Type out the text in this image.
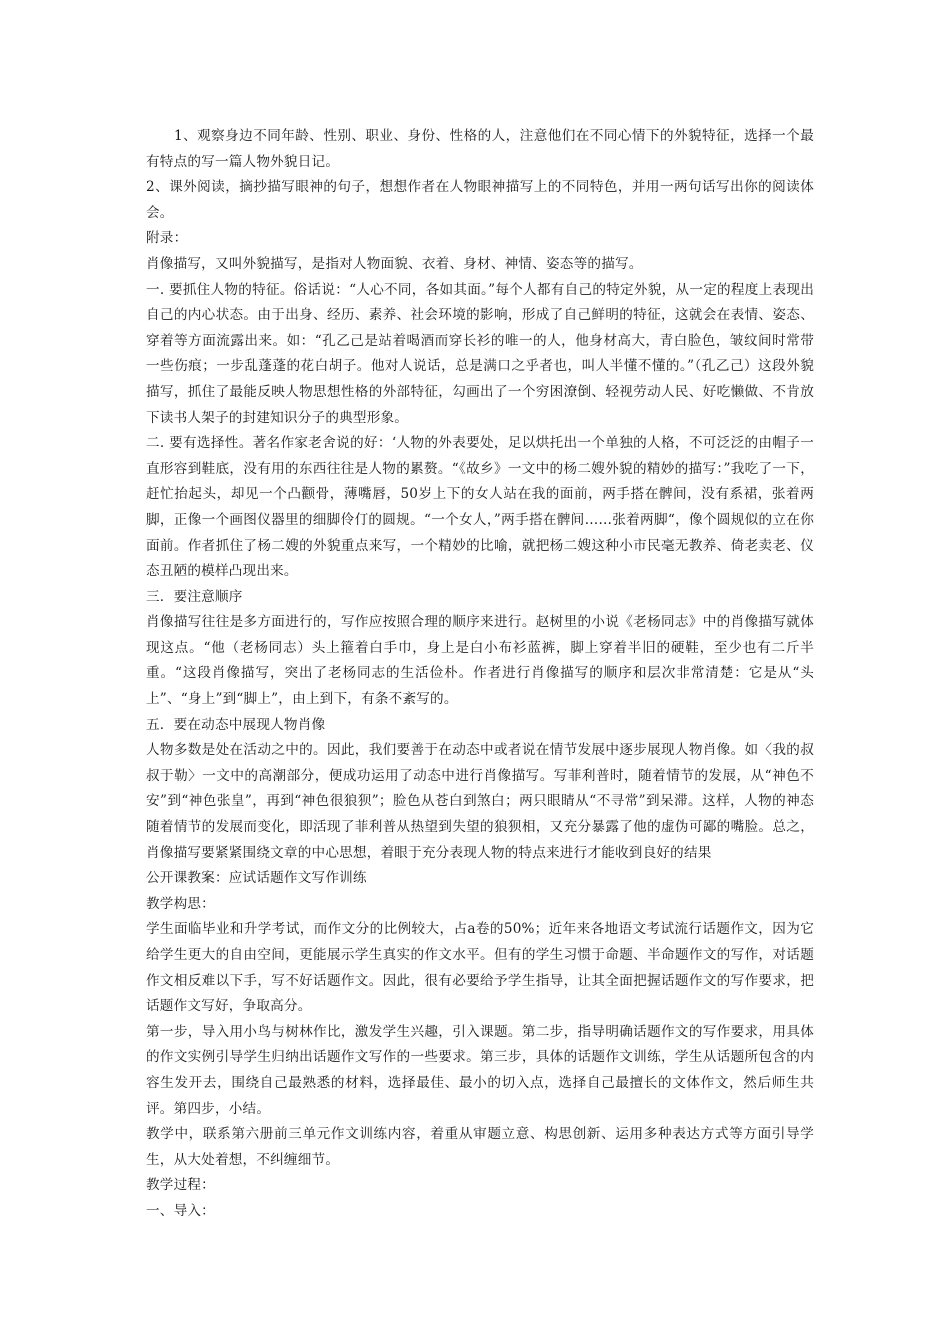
1、观察身边不同年龄、性别、职业、身份、性格的人，注意他们在不同心情下的外貌特征，选择一个最有特点的写一篇人物外貌日记。

2、课外阅读，摘抄描写眼神的句子，想想作者在人物眼神描写上的不同特色，并用一两句话写出你的阅读体会。

附录：

肖像描写，又叫外貌描写，是指对人物面貌、衣着、身材、神情、姿态等的描写。

一. 要抓住人物的特征。俗话说：“人心不同，各如其面。”每个人都有自己的特定外貌，从一定的程度上表现出自己的内心状态。由于出身、经历、素养、社会环境的影响，形成了自己鲜明的特征，这就会在表情、姿态、穿着等方面流露出来。如：“孔乙己是站着喝酒而穿长衫的唯一的人，他身材高大，青白脸色，皱纹间时常带一些伤痕；一步乱蓬蓬的花白胡子。他对人说话，总是满口之乎者也，叫人半懂不懂的。”（孔乙己）这段外貌描写，抓住了最能反映人物思想性格的外部特征，勾画出了一个穷困潦倒、轻视劳动人民、好吃懒做、不肯放下读书人架子的封建知识分子的典型形象。

二. 要有选择性。著名作家老舍说的好：‘人物的外表要处，足以烘托出一个单独的人格，不可泛泛的由帽子一直形容到鞋底，没有用的东西往往是人物的累赘。“《故乡》一文中的杨二嫂外貌的精妙的描写：”我吃了一下，赶忙抬起头，却见一个凸颧骨，薄嘴唇，50岁上下的女人站在我的面前，两手搭在髀间，没有系裙，张着两脚，正像一个画图仪器里的细脚伶仃的圆规。“一个女人，”两手搭在髀间……张着两脚“，像个圆规似的立在你面前。作者抓住了杨二嫂的外貌重点来写，一个精妙的比喻，就把杨二嫂这种小市民毫无教养、倚老卖老、仪态丑陋的模样凸现出来。

三．要注意顺序

肖像描写往往是多方面进行的，写作应按照合理的顺序来进行。赵树里的小说《老杨同志》中的肖像描写就体现这点。“他（老杨同志）头上箍着白手巾，身上是白小布衫蓝裤，脚上穿着半旧的硬鞋，至少也有二斤半重。“这段肖像描写，突出了老杨同志的生活俭朴。作者进行肖像描写的顺序和层次非常清楚：它是从“头上”、“身上”到“脚上”，由上到下，有条不紊写的。

五．要在动态中展现人物肖像

人物多数是处在活动之中的。因此，我们要善于在动态中或者说在情节发展中逐步展现人物肖像。如〈我的叔叔于勒〉一文中的高潮部分，便成功运用了动态中进行肖像描写。写菲利普时，随着情节的发展，从“神色不安”到“神色张皇”，再到“神色很狼狈”；脸色从苍白到煞白；两只眼睛从“不寻常”到呆滞。这样，人物的神态随着情节的发展而变化，即活现了菲利普从热望到失望的狼狈相，又充分暴露了他的虚伪可鄙的嘴脸。总之，肖像描写要紧紧围绕文章的中心思想，着眼于充分表现人物的特点来进行才能收到良好的结果

公开课教案：应试话题作文写作训练

教学构思：

学生面临毕业和升学考试，而作文分的比例较大，占a卷的50%；近年来各地语文考试流行话题作文，因为它给学生更大的自由空间，更能展示学生真实的作文水平。但有的学生习惯于命题、半命题作文的写作，对话题作文相反难以下手，写不好话题作文。因此，很有必要给予学生指导，让其全面把握话题作文的写作要求，把话题作文写好，争取高分。

第一步，导入用小鸟与树林作比，激发学生兴趣，引入课题。第二步，指导明确话题作文的写作要求，用具体的作文实例引导学生归纳出话题作文写作的一些要求。第三步，具体的话题作文训练，学生从话题所包含的内容生发开去，围绕自己最熟悉的材料，选择最佳、最小的切入点，选择自己最擅长的文体作文，然后师生共评。第四步，小结。

教学中，联系第六册前三单元作文训练内容，着重从审题立意、构思创新、运用多种表达方式等方面引导学生，从大处着想，不纠缠细节。

教学过程：

一、导入：
